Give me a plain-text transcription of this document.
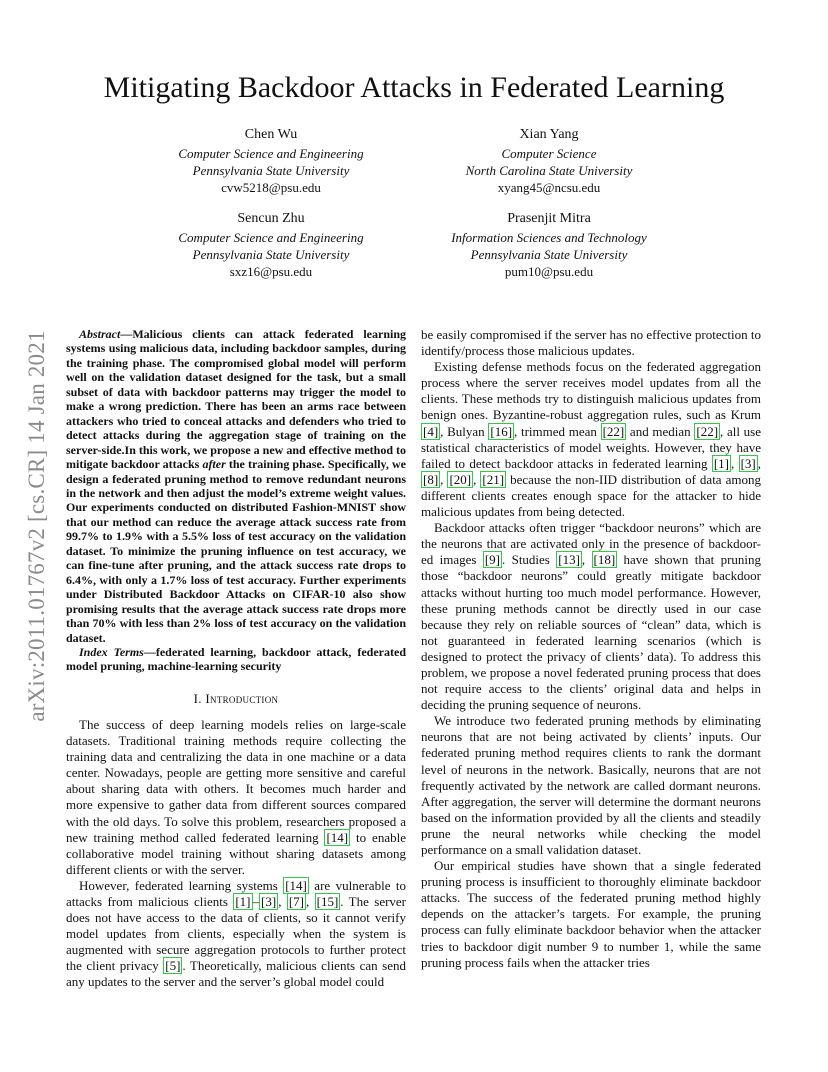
arXiv:2011.01767v2 [cs.CR] 14 Jan 2021
Mitigating Backdoor Attacks in Federated Learning
Chen Wu
Computer Science and Engineering
Pennsylvania State University
cvw5218@psu.edu
Xian Yang
Computer Science
North Carolina State University
xyang45@ncsu.edu
Sencun Zhu
Computer Science and Engineering
Pennsylvania State University
sxz16@psu.edu
Prasenjit Mitra
Information Sciences and Technology
Pennsylvania State University
pum10@psu.edu

Abstract—Malicious clients can attack federated learning systems using malicious data, including backdoor samples, during the training phase. The compromised global model will perform well on the validation dataset designed for the task, but a small subset of data with backdoor patterns may trigger the model to make a wrong prediction. There has been an arms race between attackers who tried to conceal attacks and defenders who tried to detect attacks during the aggregation stage of training on the server-side.In this work, we propose a new and effective method to mitigate backdoor attacks after the training phase. Specifically, we design a federated pruning method to remove redundant neurons in the network and then adjust the model’s extreme weight values. Our experiments conducted on distributed Fashion-MNIST show that our method can reduce the average attack success rate from 99.7% to 1.9% with a 5.5% loss of test accuracy on the validation dataset. To minimize the pruning influence on test accuracy, we can fine-tune after pruning, and the attack success rate drops to 6.4%, with only a 1.7% loss of test accuracy. Further experiments under Distributed Backdoor Attacks on CIFAR-10 also show promising results that the average attack success rate drops more than 70% with less than 2% loss of test accuracy on the validation dataset.

Index Terms—federated learning, backdoor attack, federated model pruning, machine-learning security

I. Introduction

The success of deep learning models relies on large-scale datasets. Traditional training methods require collecting the training data and centralizing the data in one machine or a data center. Nowadays, people are getting more sensitive and careful about sharing data with others. It becomes much harder and more expensive to gather data from different sources compared with the old days. To solve this problem, researchers proposed a new training method called federated learning [14] to enable collaborative model training without sharing datasets among different clients or with the server.

However, federated learning systems [14] are vulnerable to attacks from malicious clients [1] – [3] , [7] , [15] . The server does not have access to the data of clients, so it cannot verify model updates from clients, especially when the system is augmented with secure aggregation protocols to further protect the client privacy [5] . Theoretically, malicious clients can send any updates to the server and the server’s global model could

be easily compromised if the server has no effective protection to identify/process those malicious updates.

Existing defense methods focus on the federated aggregation process where the server receives model updates from all the clients. These methods try to distinguish malicious updates from benign ones. Byzantine-robust aggregation rules, such as Krum [4] , Bulyan [16] , trimmed mean [22] and median [22] , all use statistical characteristics of model weights. However, they have failed to detect backdoor attacks in federated learning [1] , [3] , [8] , [20] , [21] because the non-IID distribution of data among different clients creates enough space for the attacker to hide malicious updates from being detected.

Backdoor attacks often trigger “backdoor neurons” which are the neurons that are activated only in the presence of backdoor-ed images [9] . Studies [13] , [18] have shown that pruning those “backdoor neurons” could greatly mitigate backdoor attacks without hurting too much model performance. However, these pruning methods cannot be directly used in our case because they rely on reliable sources of “clean” data, which is not guaranteed in federated learning scenarios (which is designed to protect the privacy of clients’ data). To address this problem, we propose a novel federated pruning process that does not require access to the clients’ original data and helps in deciding the pruning sequence of neurons.

We introduce two federated pruning methods by eliminating neurons that are not being activated by clients’ inputs. Our federated pruning method requires clients to rank the dormant level of neurons in the network. Basically, neurons that are not frequently activated by the network are called dormant neurons. After aggregation, the server will determine the dormant neurons based on the information provided by all the clients and steadily prune the neural networks while checking the model performance on a small validation dataset.

Our empirical studies have shown that a single federated pruning process is insufficient to thoroughly eliminate backdoor attacks. The success of the federated pruning method highly depends on the attacker’s targets. For example, the pruning process can fully eliminate backdoor behavior when the attacker tries to backdoor digit number 9 to number 1, while the same pruning process fails when the attacker tries
